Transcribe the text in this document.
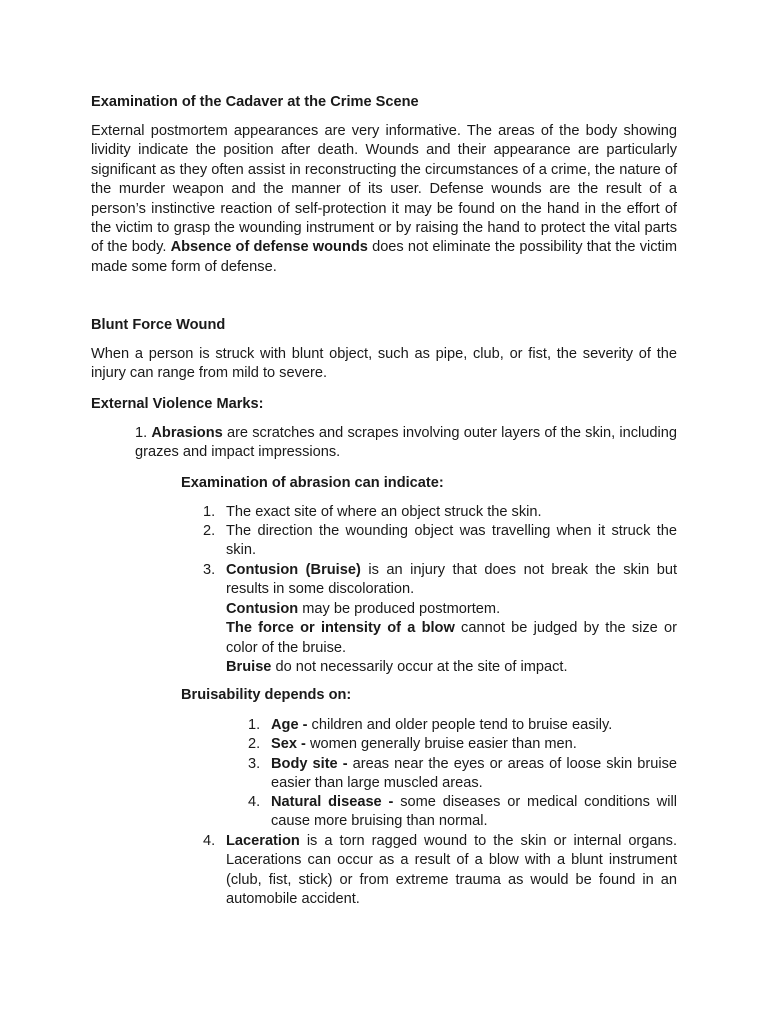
Examination of the Cadaver at the Crime Scene

External postmortem appearances are very informative. The areas of the body showing lividity indicate the position after death. Wounds and their appearance are particularly significant as they often assist in reconstructing the circumstances of a crime, the nature of the murder weapon and the manner of its user. Defense wounds are the result of a person’s instinctive reaction of self-protection it may be found on the hand in the effort of the victim to grasp the wounding instrument or by raising the hand to protect the vital parts of the body. Absence of defense wounds does not eliminate the possibility that the victim made some form of defense.

Blunt Force Wound

When a person is struck with blunt object, such as pipe, club, or fist, the severity of the injury can range from mild to severe.

External Violence Marks:

1. Abrasions are scratches and scrapes involving outer layers of the skin, including grazes and impact impressions.

Examination of abrasion can indicate:
1. The exact site of where an object struck the skin.
2. The direction the wounding object was travelling when it struck the skin.
3. Contusion (Bruise) is an injury that does not break the skin but results in some discoloration.
Contusion may be produced postmortem.
The force or intensity of a blow cannot be judged by the size or color of the bruise.
Bruise do not necessarily occur at the site of impact.
Bruisability depends on:
1. Age - children and older people tend to bruise easily.
2. Sex - women generally bruise easier than men.
3. Body site - areas near the eyes or areas of loose skin bruise easier than large muscled areas.
4. Natural disease - some diseases or medical conditions will cause more bruising than normal.
4. Laceration is a torn ragged wound to the skin or internal organs. Lacerations can occur as a result of a blow with a blunt instrument (club, fist, stick) or from extreme trauma as would be found in an automobile accident.
